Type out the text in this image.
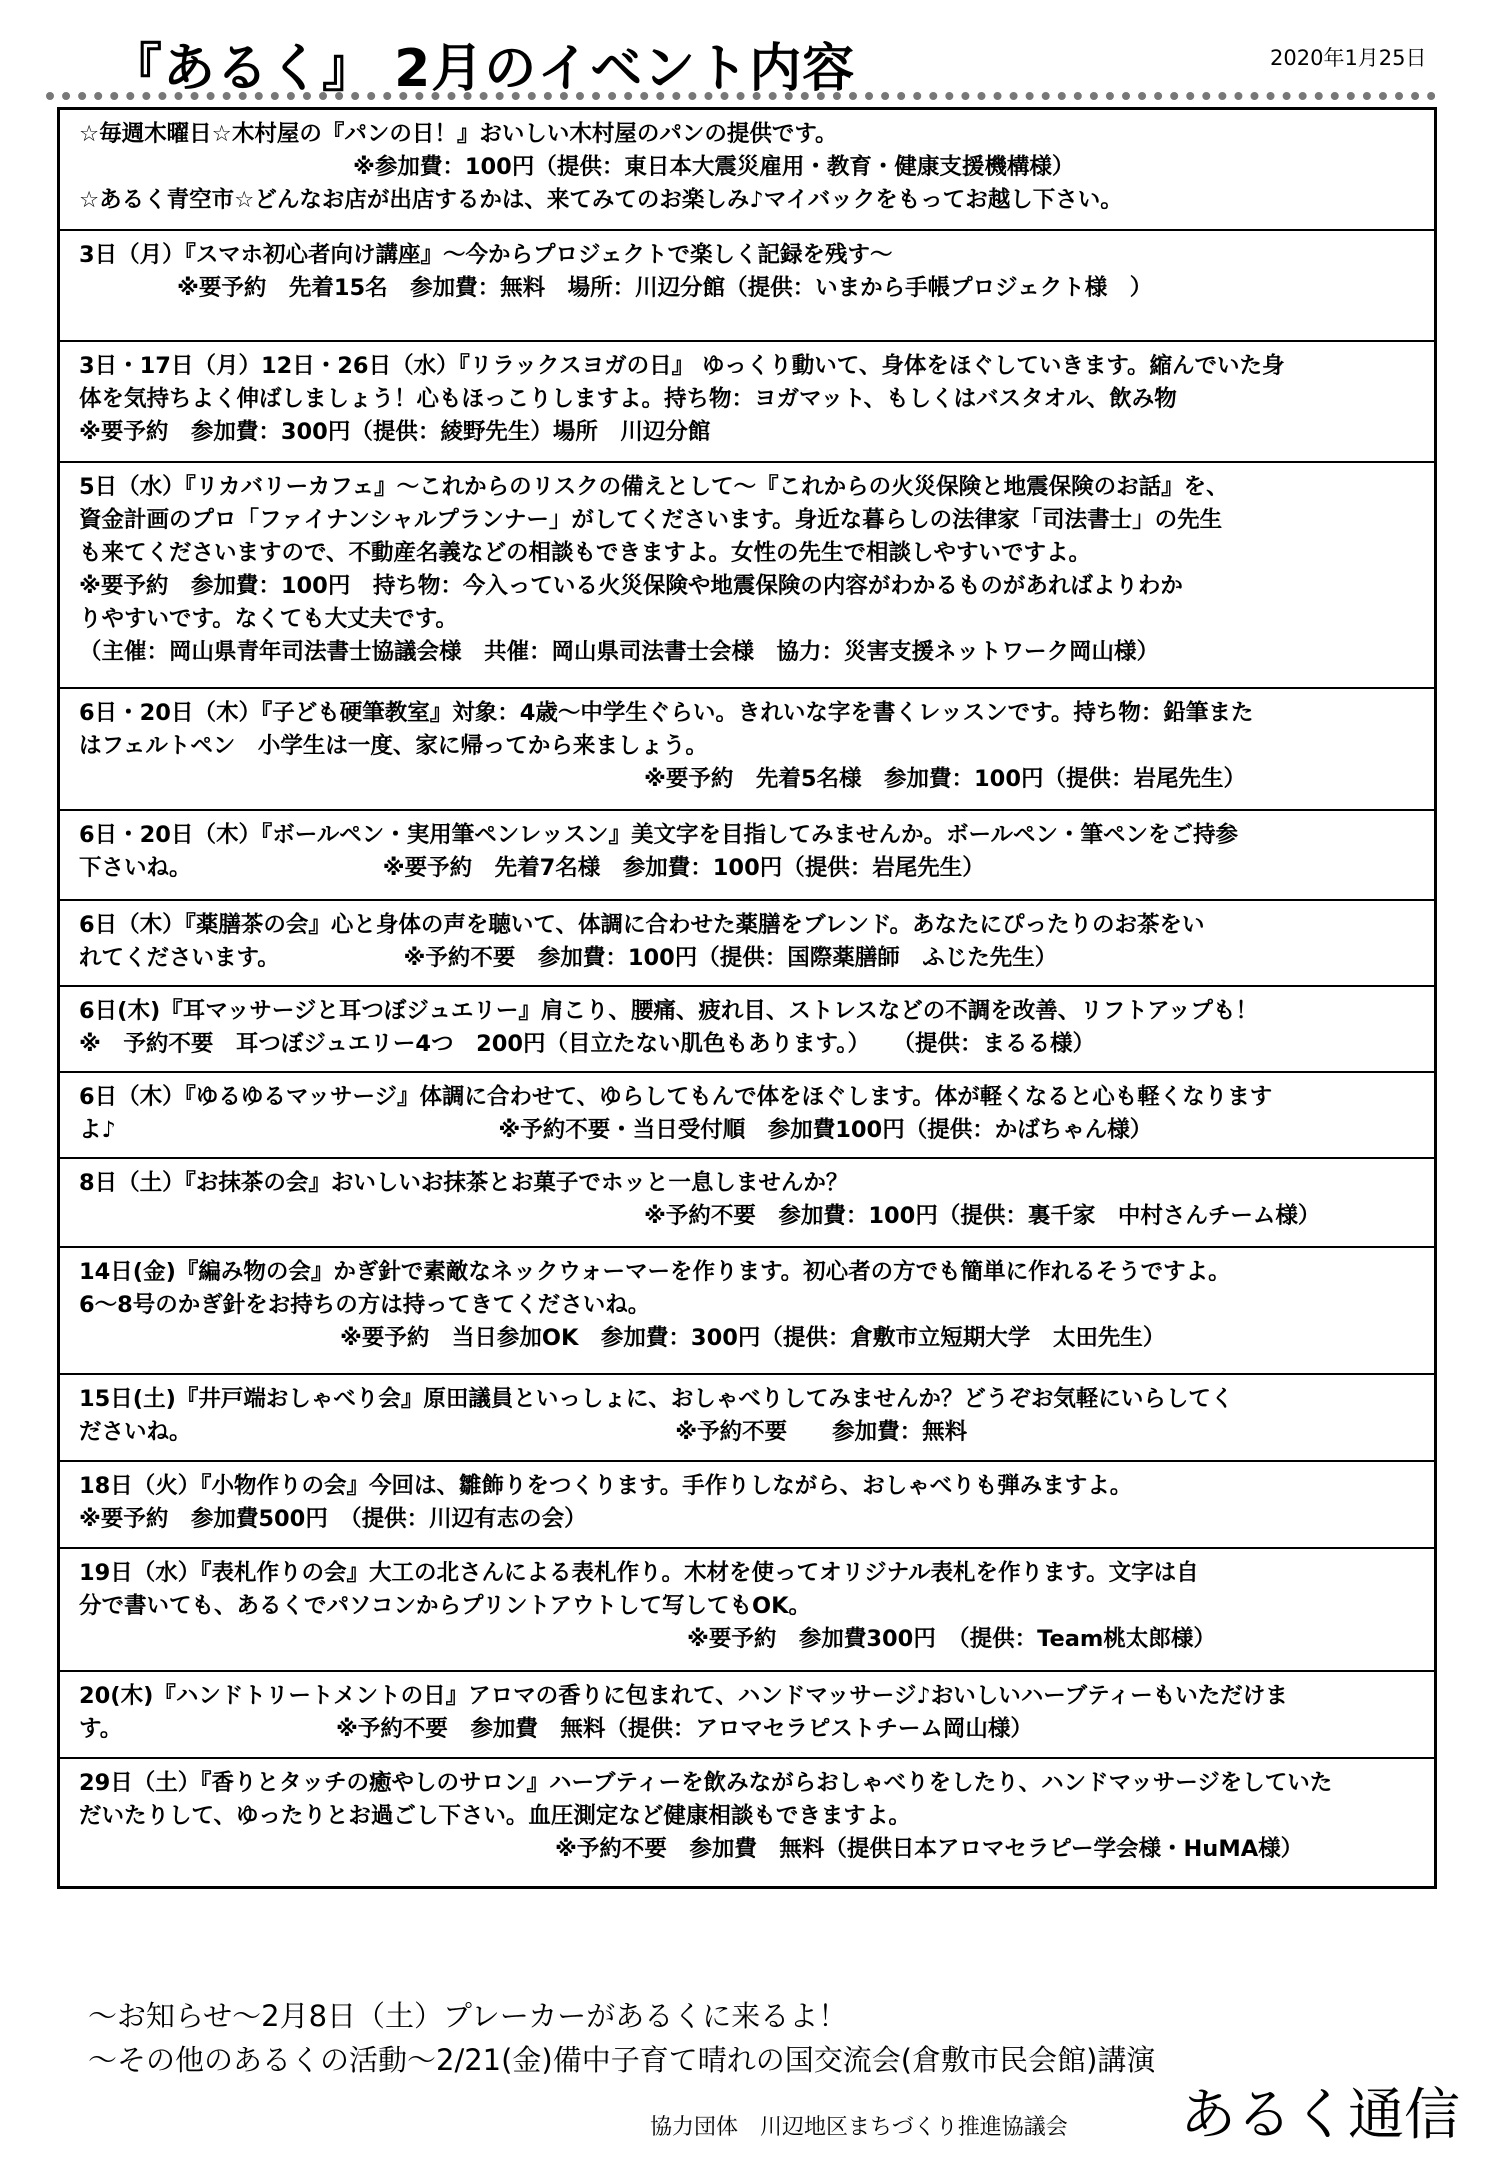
『あるく』 2月のイベント内容	2020年1月25日
☆毎週木曜日☆木村屋の『パンの日！』おいしい木村屋のパンの提供です。
※参加費：100円（提供：東日本大震災雇用・教育・健康支援機構様）
☆あるく青空市☆どんなお店が出店するかは、来てみてのお楽しみ♪マイバックをもってお越し下さい。
3日（月）『スマホ初心者向け講座』～今からプロジェクトで楽しく記録を残す～
※要予約　先着15名　参加費：無料　場所：川辺分館（提供：いまから手帳プロジェクト様　）
3日・17日（月）12日・26日（水）『リラックスヨガの日』 ゆっくり動いて、身体をほぐしていきます。縮んでいた身
体を気持ちよく伸ばしましょう！心もほっこりしますよ。持ち物：ヨガマット、もしくはバスタオル、飲み物
※要予約　参加費：300円（提供：綾野先生）場所　川辺分館
5日（水）『リカバリーカフェ』～これからのリスクの備えとして～『これからの火災保険と地震保険のお話』を、
資金計画のプロ「ファイナンシャルプランナー」がしてくださいます。身近な暮らしの法律家「司法書士」の先生
も来てくださいますので、不動産名義などの相談もできますよ。女性の先生で相談しやすいですよ。
※要予約　参加費：100円　持ち物：今入っている火災保険や地震保険の内容がわかるものがあればよりわか
りやすいです。なくても大丈夫です。
（主催：岡山県青年司法書士協議会様　共催：岡山県司法書士会様　協力：災害支援ネットワーク岡山様）
6日・20日（木）『子ども硬筆教室』対象：4歳～中学生ぐらい。きれいな字を書くレッスンです。持ち物：鉛筆また
はフェルトペン　小学生は一度、家に帰ってから来ましょう。
※要予約　先着5名様　参加費：100円（提供：岩尾先生）
6日・20日（木）『ボールペン・実用筆ペンレッスン』美文字を目指してみませんか。ボールペン・筆ペンをご持参
下さいね。　　　　　　　　　※要予約　先着7名様　参加費：100円（提供：岩尾先生）
6日（木）『薬膳茶の会』心と身体の声を聴いて、体調に合わせた薬膳をブレンド。あなたにぴったりのお茶をい
れてくださいます。　　　　　　※予約不要　参加費：100円（提供：国際薬膳師　ふじた先生）
6日(木)『耳マッサージと耳つぼジュエリー』肩こり、腰痛、疲れ目、ストレスなどの不調を改善、リフトアップも！
※　予約不要　耳つぼジュエリー4つ　200円（目立たない肌色もあります。）　　（提供：まるる様）
6日（木）『ゆるゆるマッサージ』体調に合わせて、ゆらしてもんで体をほぐします。体が軽くなると心も軽くなります
よ♪　　　　　　　　　　　　　　　　　※予約不要・当日受付順　参加費100円（提供：かばちゃん様）
8日（土）『お抹茶の会』おいしいお抹茶とお菓子でホッと一息しませんか？
※予約不要　参加費：100円（提供：裏千家　中村さんチーム様）
14日(金)『編み物の会』かぎ針で素敵なネックウォーマーを作ります。初心者の方でも簡単に作れるそうですよ。
6～8号のかぎ針をお持ちの方は持ってきてくださいね。
※要予約　当日参加OK　参加費：300円（提供：倉敷市立短期大学　太田先生）
15日(土)『井戸端おしゃべり会』原田議員といっしょに、おしゃべりしてみませんか？どうぞお気軽にいらしてく
ださいね。　　　　　　　　　　　　　　　　　　　　　　※予約不要　　参加費：無料
18日（火）『小物作りの会』今回は、雛飾りをつくります。手作りしながら、おしゃべりも弾みますよ。
※要予約　参加費500円　（提供：川辺有志の会）
19日（水）『表札作りの会』大工の北さんによる表札作り。木材を使ってオリジナル表札を作ります。文字は自
分で書いても、あるくでパソコンからプリントアウトして写してもOK。
※要予約　参加費300円　（提供：Team桃太郎様）
20(木)『ハンドトリートメントの日』アロマの香りに包まれて、ハンドマッサージ♪おいしいハーブティーもいただけま
す。　　　　　　　　　　※予約不要　参加費　無料（提供：アロマセラピストチーム岡山様）
29日（土）『香りとタッチの癒やしのサロン』ハーブティーを飲みながらおしゃべりをしたり、ハンドマッサージをしていた
だいたりして、ゆったりとお過ごし下さい。血圧測定など健康相談もできますよ。
※予約不要　参加費　無料（提供日本アロマセラピー学会様・HuMA様）
～お知らせ～2月8日（土）プレーカーがあるくに来るよ！
～その他のあるくの活動～2/21(金)備中子育て晴れの国交流会(倉敷市民会館)講演
協力団体　川辺地区まちづくり推進協議会 あるく通信
